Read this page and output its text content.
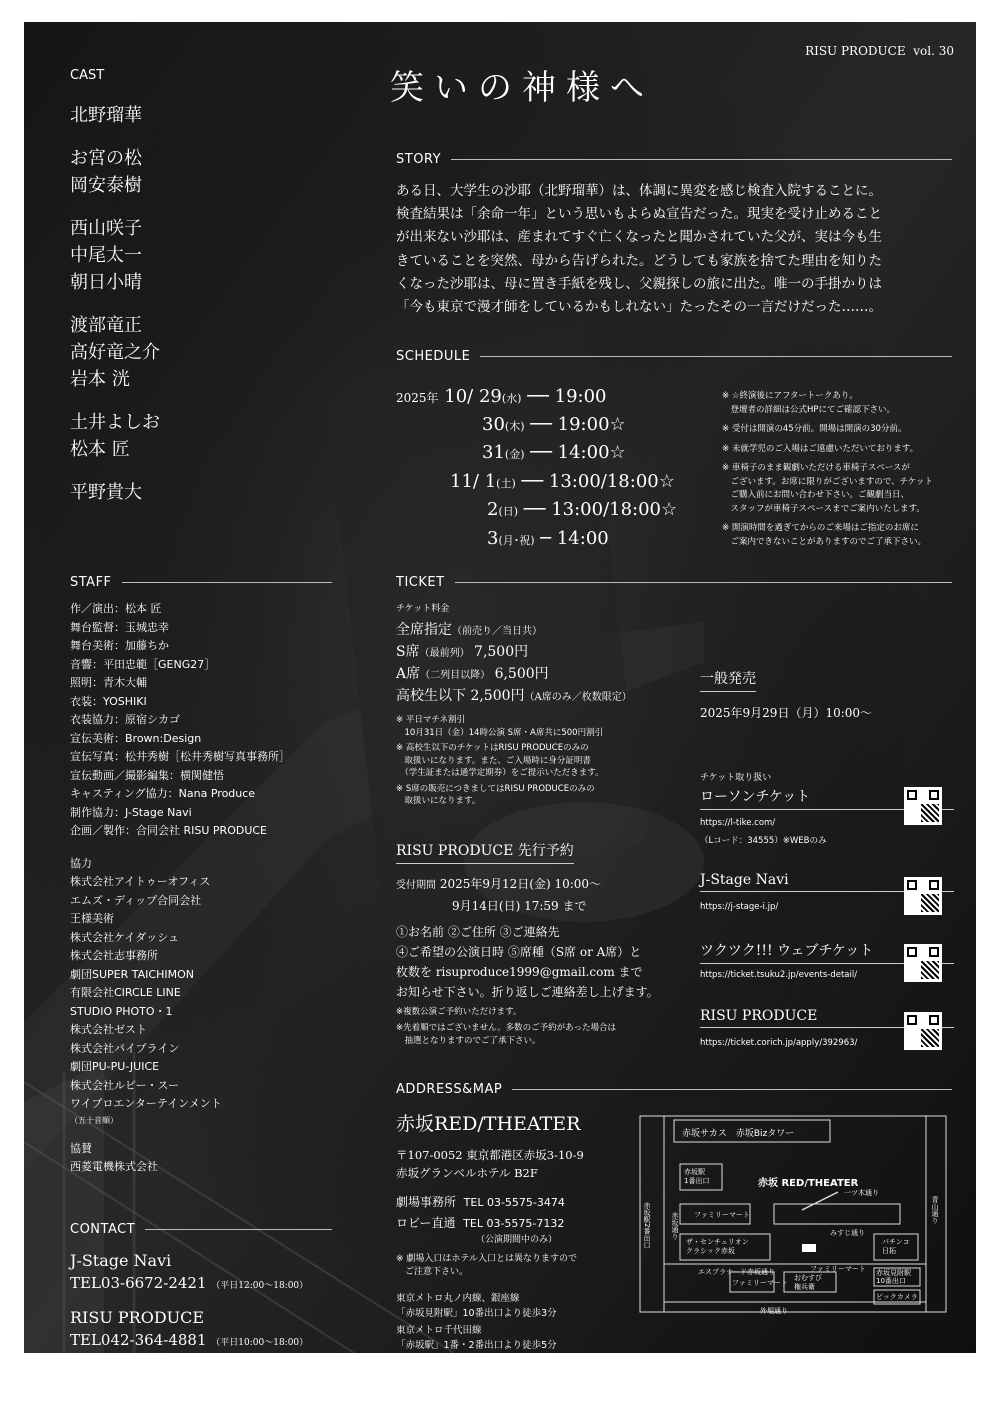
RISU PRODUCE vol. 30
笑いの神様へ
CAST
北野瑠華
お宮の松
岡安泰樹
西山咲子
中尾太一
朝日小晴
渡部竜正
高好竜之介
岩本 洸
土井よしお
松本 匠
平野貴大
STORY
ある日、大学生の沙耶（北野瑠華）は、体調に異変を感じ検査入院することに。
検査結果は「余命一年」という思いもよらぬ宣告だった。現実を受け止めること
が出来ない沙耶は、産まれてすぐ亡くなったと聞かされていた父が、実は今も生
きていることを突然、母から告げられた。どうしても家族を捨てた理由を知りた
くなった沙耶は、母に置き手紙を残し、父親探しの旅に出た。唯一の手掛かりは
「今も東京で漫才師をしているかもしれない」たったその一言だけだった……。
SCHEDULE
2025年 10/ 29(水) ── 19:00
30(木) ── 19:00☆
31(金) ── 14:00☆
11/ 1(土) ── 13:00/18:00☆
2(日) ── 13:00/18:00☆
3(月･祝) ─ 14:00
※ ☆終演後にアフタートークあり。
　登壇者の詳細は公式HPにてご確認下さい。
※ 受付は開演の45分前。開場は開演の30分前。
※ 未就学児のご入場はご遠慮いただいております。
※ 車椅子のまま観劇いただける車椅子スペースが
　ございます。お席に限りがございますので、チケット
　ご購入前にお問い合わせ下さい。ご観劇当日、
　スタッフが車椅子スペースまでご案内いたします。
※ 開演時間を過ぎてからのご来場はご指定のお席に
　ご案内できないことがありますのでご了承下さい。
STAFF
作／演出：松本 匠
舞台監督：玉城忠幸
舞台美術：加藤ちか
音響：平田忠範［GENG27］
照明：青木大輔
衣装：YOSHIKI
衣装協力：原宿シカゴ
宣伝美術：Brown:Design
宣伝写真：松井秀樹［松井秀樹写真事務所］
宣伝動画／撮影編集：横関健悟
キャスティング協力：Nana Produce
制作協力：J-Stage Navi
企画／製作：合同会社 RISU PRODUCE
協力
株式会社アイトゥーオフィス
エムズ・ディップ合同会社
王様美術
株式会社ケイダッシュ
株式会社志事務所
劇団SUPER TAICHIMON
有限会社CIRCLE LINE
STUDIO PHOTO・1
株式会社ゼスト
株式会社パイプライン
劇団PU-PU-JUICE
株式会社ルビー・スー
ワイプロエンターテインメント
（五十音順）
協賛
西菱電機株式会社
CONTACT
J-Stage Navi
TEL03-6672-2421 （平日12:00～18:00）
RISU PRODUCE
TEL042-364-4881 （平日10:00～18:00）
TICKET
チケット料金
全席指定（前売り／当日共）
S席（最前列） 7,500円
A席（二列目以降） 6,500円
高校生以下 2,500円（A席のみ／枚数限定）
※ 平日マチネ割引
　10月31日（金）14時公演 S席・A席共に500円割引
※ 高校生以下のチケットはRISU PRODUCEのみの
　取扱いになります。また、ご入場時に身分証明書
　（学生証または通学定期券）をご提示いただきます。
※ S席の販売につきましてはRISU PRODUCEのみの
　取扱いになります。
RISU PRODUCE 先行予約
受付期間 2025年9月12日(金) 10:00～
9月14日(日) 17:59 まで
①お名前 ②ご住所 ③ご連絡先
④ご希望の公演日時 ⑤席種（S席 or A席）と
枚数を risuproduce1999@gmail.com まで
お知らせ下さい。折り返しご連絡差し上げます。
※複数公演ご予約いただけます。
※先着順ではございません。多数のご予約があった場合は
　抽選となりますのでご了承下さい。
一般発売
2025年9月29日（月）10:00～
チケット取り扱い
ローソンチケット
https://l-tike.com/
（Lコード：34555）※WEBのみ
J-Stage Navi
https://j-stage-i.jp/
ツクツク!!! ウェブチケット
https://ticket.tsuku2.jp/events-detail/
RISU PRODUCE
https://ticket.corich.jp/apply/392963/
ADDRESS&MAP
赤坂RED/THEATER
〒107-0052 東京都港区赤坂3-10-9
赤坂グランベルホテル B2F
劇場事務所 TEL 03-5575-3474
ロビー直通 TEL 03-5575-7132
（公演期間中のみ）
※ 劇場入口はホテル入口とは異なりますので
　ご注意下さい。
東京メトロ丸ノ内線、銀座線
「赤坂見附駅」10番出口より徒歩3分
東京メトロ千代田線
「赤坂駅」1番・2番出口より徒歩5分
赤坂サカス　赤坂Bizタワー
赤坂駅
1番出口	赤坂 RED/THEATER
一ツ木通り
赤坂駅2番出口	赤坂通り ファミリーマート
みすじ通り
青山通り
ザ・センチュリオン
クラシック赤坂
パチンコ
日拓
エスプラナード赤坂通り	ファミリーマート
ファミリーマート
おむすび
権兵衛
赤坂見附駅
10番出口
ビックカメラ
外堀通り
